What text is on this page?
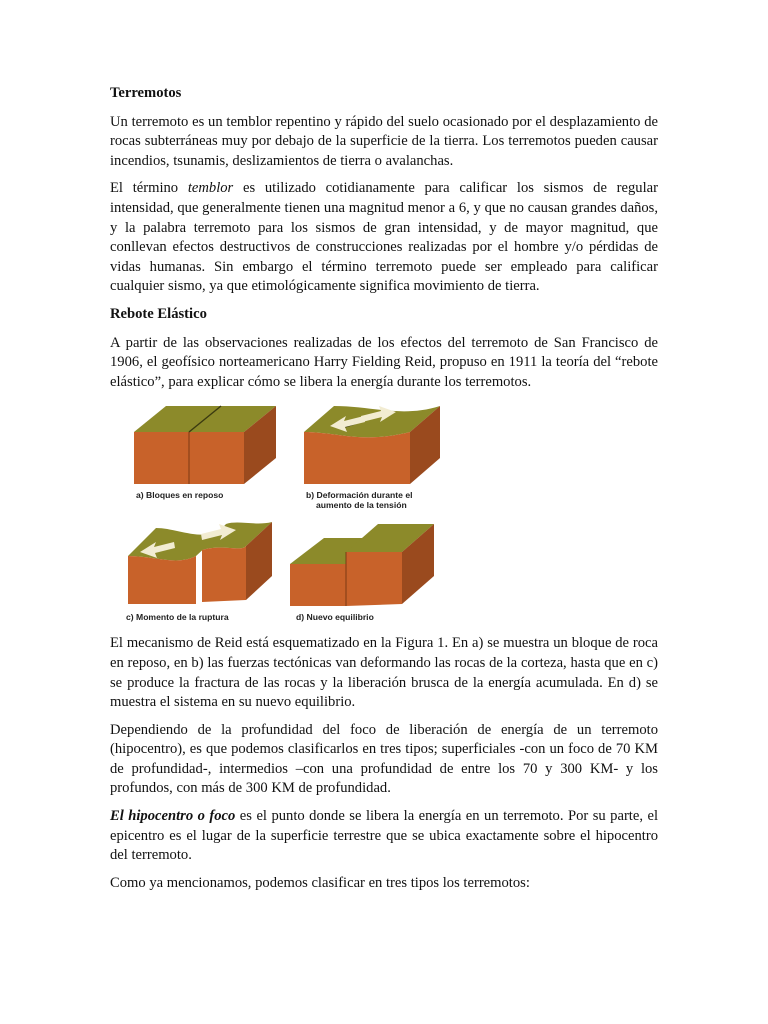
Terremotos

Un terremoto es un temblor repentino y rápido del suelo ocasionado por el desplazamiento de rocas subterráneas muy por debajo de la superficie de la tierra. Los terremotos pueden causar incendios, tsunamis, deslizamientos de tierra o avalanchas.

El término temblor es utilizado cotidianamente para calificar los sismos de regular intensidad, que generalmente tienen una magnitud menor a 6, y que no causan grandes daños, y la palabra terremoto para los sismos de gran intensidad, y de mayor magnitud, que conllevan efectos destructivos de construcciones realizadas por el hombre y/o pérdidas de vidas humanas. Sin embargo el término terremoto puede ser empleado para calificar cualquier sismo, ya que etimológicamente significa movimiento de tierra.

Rebote Elástico

A partir de las observaciones realizadas de los efectos del terremoto de San Francisco de 1906, el geofísico norteamericano Harry Fielding Reid, propuso en 1911 la teoría del “rebote elástico”, para explicar cómo se libera la energía durante los terremotos.

a) Bloques en reposo	b) Deformación durante el
aumento de la tensión
c) Momento de la ruptura	d) Nuevo equilibrio

El mecanismo de Reid está esquematizado en la Figura 1. En a) se muestra un bloque de roca en reposo, en b) las fuerzas tectónicas van deformando las rocas de la corteza, hasta que en c) se produce la fractura de las rocas y la liberación brusca de la energía acumulada. En d) se muestra el sistema en su nuevo equilibrio.

Dependiendo de la profundidad del foco de liberación de energía de un terremoto (hipocentro), es que podemos clasificarlos en tres tipos; superficiales -con un foco de 70 KM de profundidad-, intermedios –con una profundidad de entre los 70 y 300 KM- y los profundos, con más de 300 KM de profundidad.

El hipocentro o foco es el punto donde se libera la energía en un terremoto. Por su parte, el epicentro es el lugar de la superficie terrestre que se ubica exactamente sobre el hipocentro del terremoto.

Como ya mencionamos, podemos clasificar en tres tipos los terremotos:
